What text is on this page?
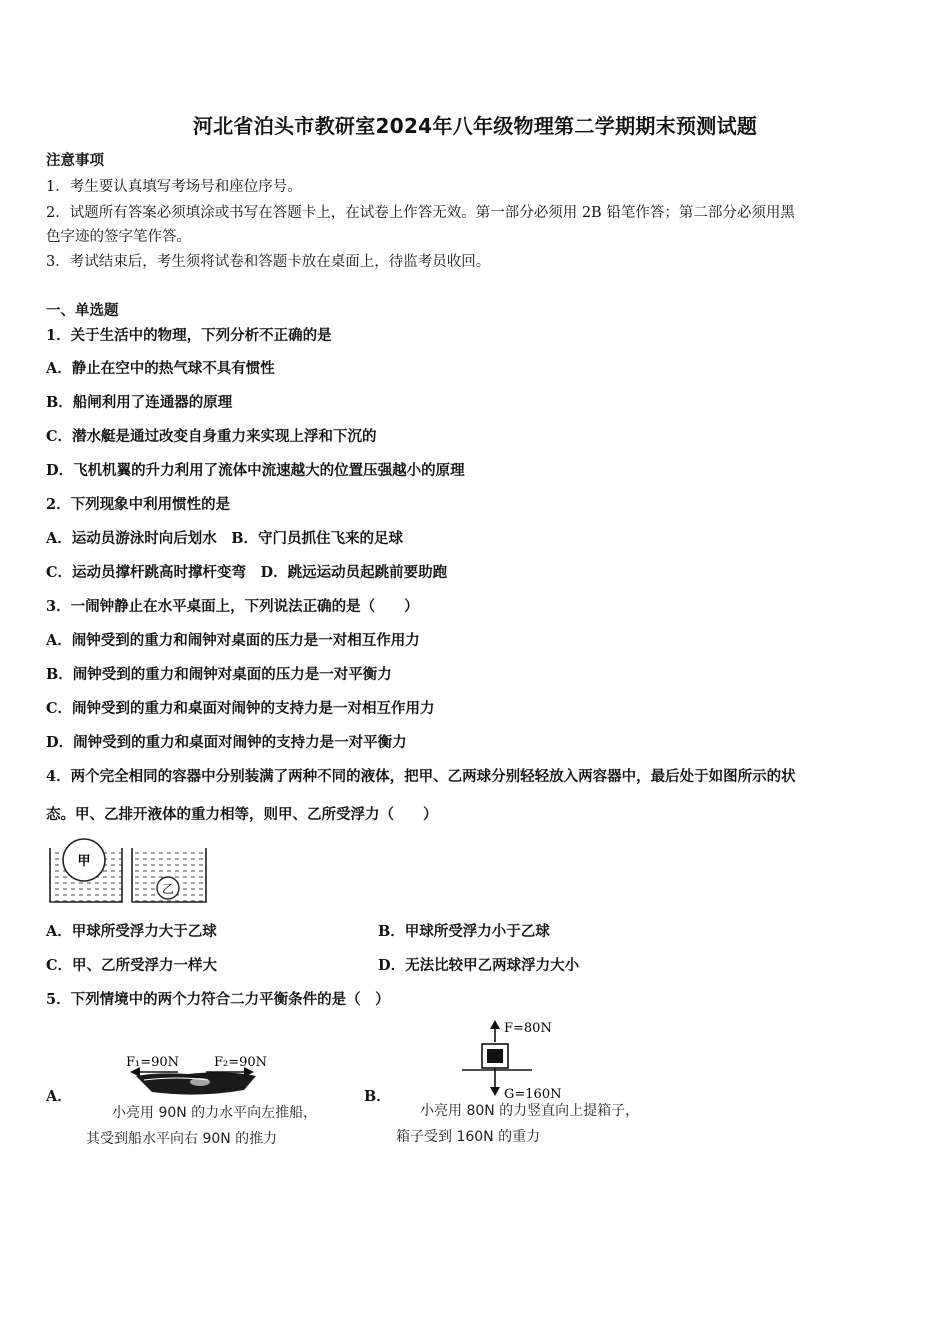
河北省泊头市教研室2024年八年级物理第二学期期末预测试题
注意事项
1．考生要认真填写考场号和座位序号。
2．试题所有答案必须填涂或书写在答题卡上，在试卷上作答无效。第一部分必须用 2B 铅笔作答；第二部分必须用黑
色字迹的签字笔作答。
3．考试结束后，考生须将试卷和答题卡放在桌面上，待监考员收回。
一、单选题
1．关于生活中的物理，下列分析不正确的是
A．静止在空中的热气球不具有惯性
B．船闸利用了连通器的原理
C．潜水艇是通过改变自身重力来实现上浮和下沉的
D．飞机机翼的升力利用了流体中流速越大的位置压强越小的原理
2．下列现象中利用惯性的是
A．运动员游泳时向后划水　B．守门员抓住飞来的足球
C．运动员撑杆跳高时撑杆变弯　D．跳远运动员起跳前要助跑
3．一闹钟静止在水平桌面上，下列说法正确的是（　　）
A．闹钟受到的重力和闹钟对桌面的压力是一对相互作用力
B．闹钟受到的重力和闹钟对桌面的压力是一对平衡力
C．闹钟受到的重力和桌面对闹钟的支持力是一对相互作用力
D．闹钟受到的重力和桌面对闹钟的支持力是一对平衡力
4．两个完全相同的容器中分别装满了两种不同的液体，把甲、乙两球分别轻轻放入两容器中，最后处于如图所示的状
态。甲、乙排开液体的重力相等，则甲、乙所受浮力（　　）
甲
乙
A．甲球所受浮力大于乙球	B．甲球所受浮力小于乙球
C．甲、乙所受浮力一样大	D．无法比较甲乙两球浮力大小
5．下列情境中的两个力符合二力平衡条件的是（　）
A．
F₁=90N	F₂=90N
小亮用 90N 的力水平向左推船，
其受到船水平向右 90N 的推力
B．
F=80N
G=160N
小亮用 80N 的力竖直向上提箱子，
箱子受到 160N 的重力
